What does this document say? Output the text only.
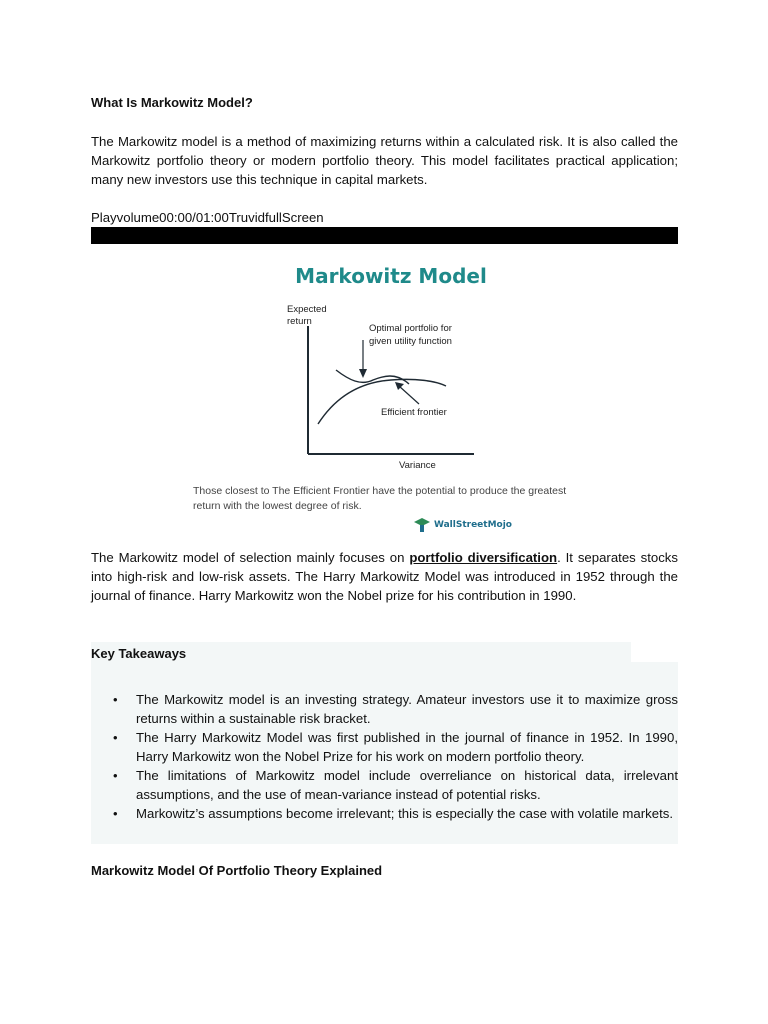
What Is Markowitz Model?

The Markowitz model is a method of maximizing returns within a calculated risk. It is also called the Markowitz portfolio theory or modern portfolio theory. This model facilitates practical application; many new investors use this technique in capital markets.

Playvolume00:00/01:00TruvidfullScreen
Markowitz Model
Expected
return
Variance
Optimal portfolio for
given utility function
Efficient frontier
Those closest to The Efficient Frontier have the potential to produce the greatest return with the lowest degree of risk.
WallStreetMojo

The Markowitz model of selection mainly focuses on portfolio diversification. It separates stocks into high-risk and low-risk assets. The Harry Markowitz Model was introduced in 1952 through the journal of finance. Harry Markowitz won the Nobel prize for his contribution in 1990.

Key Takeaways
• The Markowitz model is an investing strategy. Amateur investors use it to maximize gross returns within a sustainable risk bracket.
• The Harry Markowitz Model was first published in the journal of finance in 1952. In 1990, Harry Markowitz won the Nobel Prize for his work on modern portfolio theory.
• The limitations of Markowitz model include overreliance on historical data, irrelevant assumptions, and the use of mean-variance instead of potential risks.
• Markowitz’s assumptions become irrelevant; this is especially the case with volatile markets.
Markowitz Model Of Portfolio Theory Explained
